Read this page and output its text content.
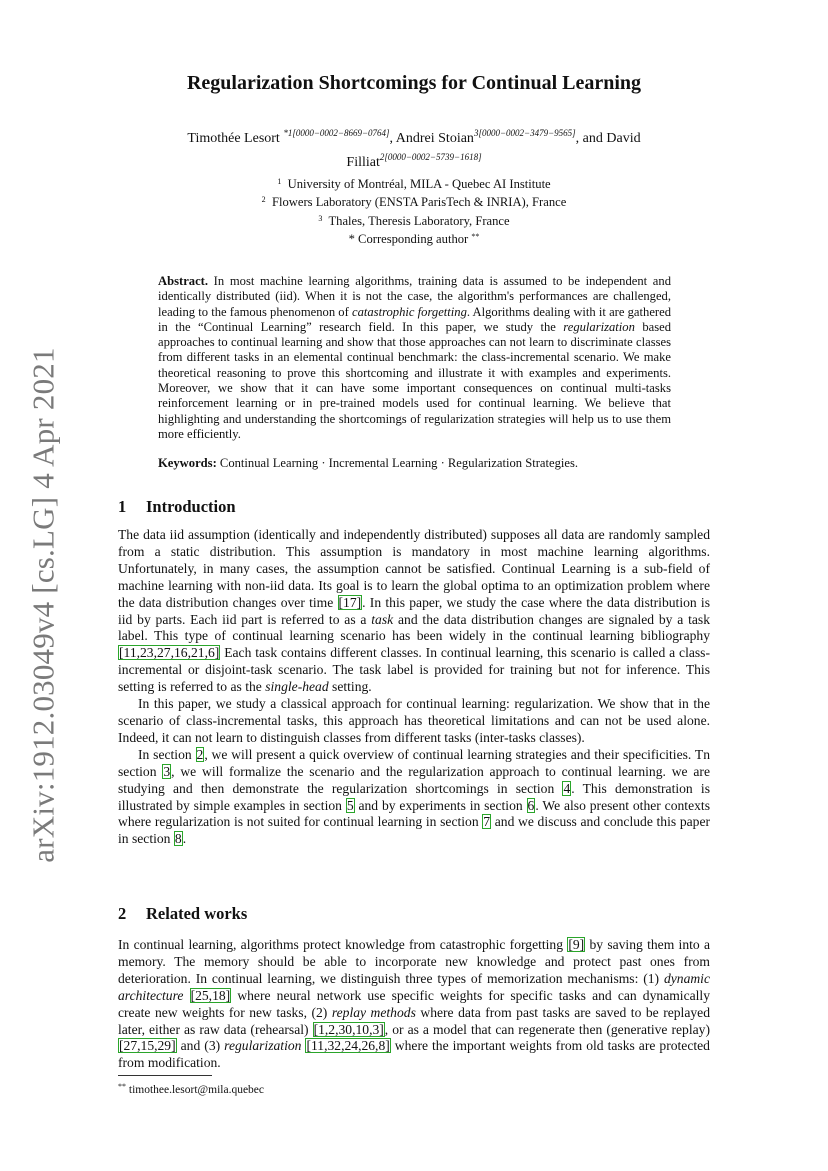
arXiv:1912.03049v4 [cs.LG] 4 Apr 2021
Regularization Shortcomings for Continual Learning
Timothée Lesort $^{*1[0000-0002-8669-0764]}$, Andrei Stoian$^{3[0000-0002-3479-9565]}$, and David
Filliat$^{2[0000-0002-5739-1618]}$
$^1$ University of Montréal, MILA - Quebec AI Institute
$^2$ Flowers Laboratory (ENSTA ParisTech & INRIA), France
$^3$ Thales, Theresis Laboratory, France
* Corresponding author **
Abstract. In most machine learning algorithms, training data is assumed to be independent and identically distributed (iid). When it is not the case, the algorithm's performances are challenged, leading to the famous phenomenon of catastrophic forgetting. Algorithms dealing with it are gathered in the “Continual Learning” research field. In this paper, we study the regularization based approaches to continual learning and show that those approaches can not learn to discriminate classes from different tasks in an elemental continual benchmark: the class-incremental scenario. We make theoretical reasoning to prove this shortcoming and illustrate it with examples and experiments. Moreover, we show that it can have some important consequences on continual multi-tasks reinforcement learning or in pre-trained models used for continual learning. We believe that highlighting and understanding the shortcomings of regularization strategies will help us to use them more efficiently.
Keywords: Continual Learning · Incremental Learning · Regularization Strategies.
1 Introduction

The data iid assumption (identically and independently distributed) supposes all data are randomly sampled from a static distribution. This assumption is mandatory in most machine learning algorithms. Unfortunately, in many cases, the assumption cannot be satisfied. Continual Learning is a sub-field of machine learning with non-iid data. Its goal is to learn the global optima to an optimization problem where the data distribution changes over time [17]. In this paper, we study the case where the data distribution is iid by parts. Each iid part is referred to as a task and the data distribution changes are signaled by a task label. This type of continual learning scenario has been widely in the continual learning bibliography [11,23,27,16,21,6] Each task contains different classes. In continual learning, this scenario is called a class-incremental or disjoint-task scenario. The task label is provided for training but not for inference. This setting is referred to as the single-head setting.

In this paper, we study a classical approach for continual learning: regularization. We show that in the scenario of class-incremental tasks, this approach has theoretical limitations and can not be used alone. Indeed, it can not learn to distinguish classes from different tasks (inter-tasks classes).

In section 2, we will present a quick overview of continual learning strategies and their specificities. Tn section 3, we will formalize the scenario and the regularization approach to continual learning. we are studying and then demonstrate the regularization shortcomings in section 4. This demonstration is illustrated by simple examples in section 5 and by experiments in section 6. We also present other contexts where regularization is not suited for continual learning in section 7 and we discuss and conclude this paper in section 8.

2 Related works

In continual learning, algorithms protect knowledge from catastrophic forgetting [9] by saving them into a memory. The memory should be able to incorporate new knowledge and protect past ones from deterioration. In continual learning, we distinguish three types of memorization mechanisms: (1) dynamic architecture [25,18] where neural network use specific weights for specific tasks and can dynamically create new weights for new tasks, (2) replay methods where data from past tasks are saved to be replayed later, either as raw data (rehearsal) [1,2,30,10,3], or as a model that can regenerate then (generative replay) [27,15,29] and (3) regularization [11,32,24,26,8] where the important weights from old tasks are protected from modification.

** timothee.lesort@mila.quebec
